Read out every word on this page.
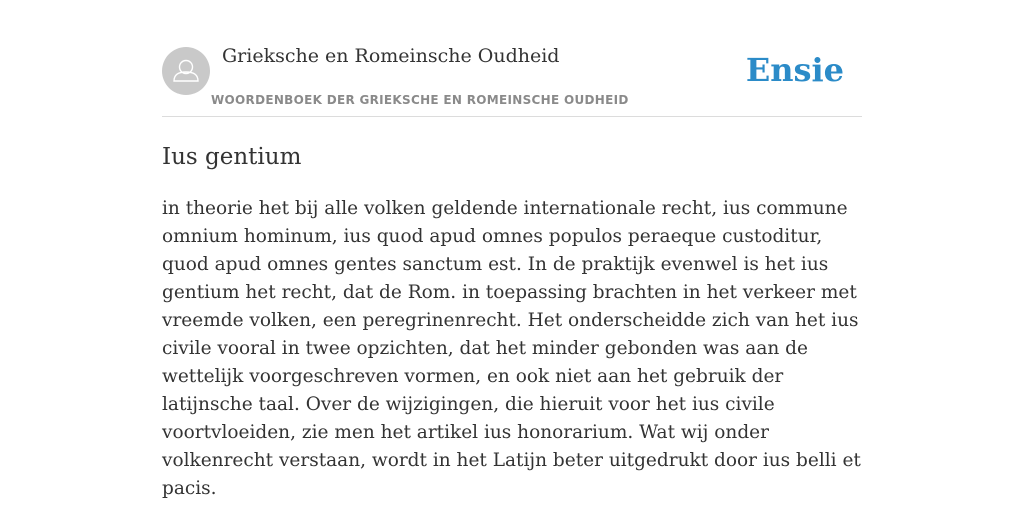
Grieksche en Romeinsche Oudheid
WOORDENBOEK DER GRIEKSCHE EN ROMEINSCHE OUDHEID
Ensie
Ius gentium

in theorie het bij alle volken geldende internationale recht, ius commune omnium hominum, ius quod apud omnes populos peraeque custoditur, quod apud omnes gentes sanctum est. In de praktijk evenwel is het ius gentium het recht, dat de Rom. in toepassing brachten in het verkeer met vreemde volken, een peregrinenrecht. Het onderscheidde zich van het ius civile vooral in twee opzichten, dat het minder gebonden was aan de wettelijk voorgeschreven vormen, en ook niet aan het gebruik der latijnsche taal. Over de wijzigingen, die hieruit voor het ius civile voortvloeiden, zie men het artikel ius honorarium. Wat wij onder volkenrecht verstaan, wordt in het Latijn beter uitgedrukt door ius belli et pacis.
